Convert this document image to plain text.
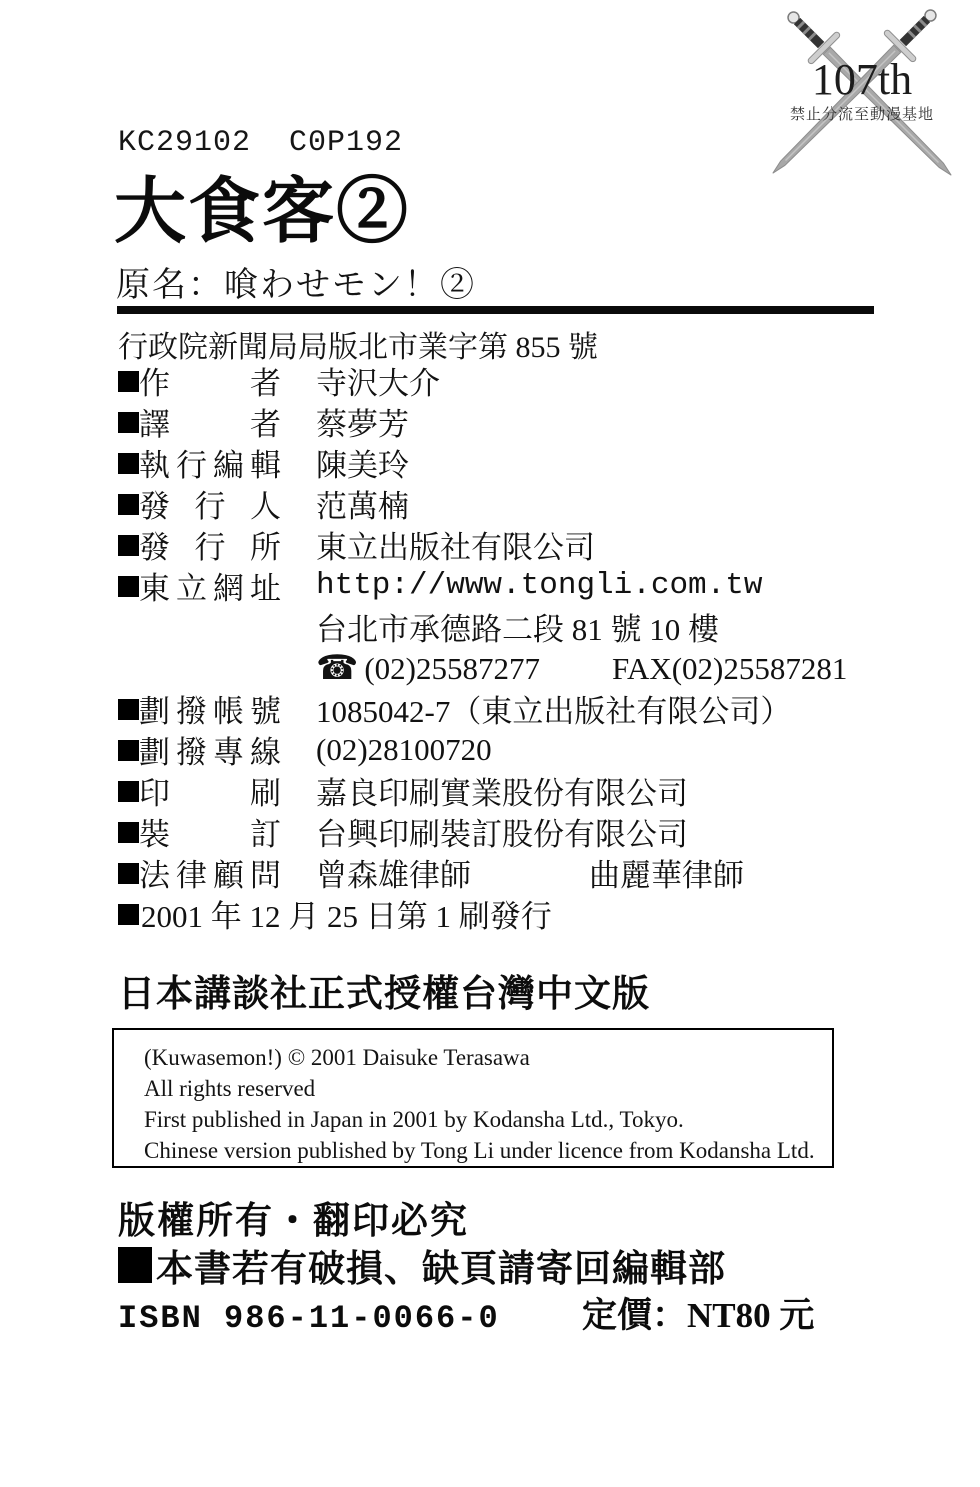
107th
禁止分流至動漫基地
KC29102  C0P192
大食客②
原名：喰わせモン！②
行政院新聞局局版北市業字第 855 號
作者 寺沢大介
譯者 蔡夢芳
執行編輯 陳美玲
發行人 范萬楠
發行所 東立出版社有限公司
東立網址 http://www.tongli.com.tw
台北市承德路二段 81 號 10 樓
☎ (02)25587277 FAX(02)25587281
劃撥帳號 1085042-7（東立出版社有限公司）
劃撥專線 (02)28100720
印刷 嘉良印刷實業股份有限公司
裝訂 台興印刷裝訂股份有限公司
法律顧問 曾森雄律師	曲麗華律師
2001 年 12 月 25 日第 1 刷發行
日本講談社正式授權台灣中文版
(Kuwasemon!) © 2001 Daisuke Terasawa
All rights reserved
First published in Japan in 2001 by Kodansha Ltd., Tokyo.
Chinese version published by Tong Li under licence from Kodansha Ltd.
版權所有・翻印必究
本書若有破損、缺頁請寄回編輯部
ISBN 986-11-0066-0	定價：NT80 元
